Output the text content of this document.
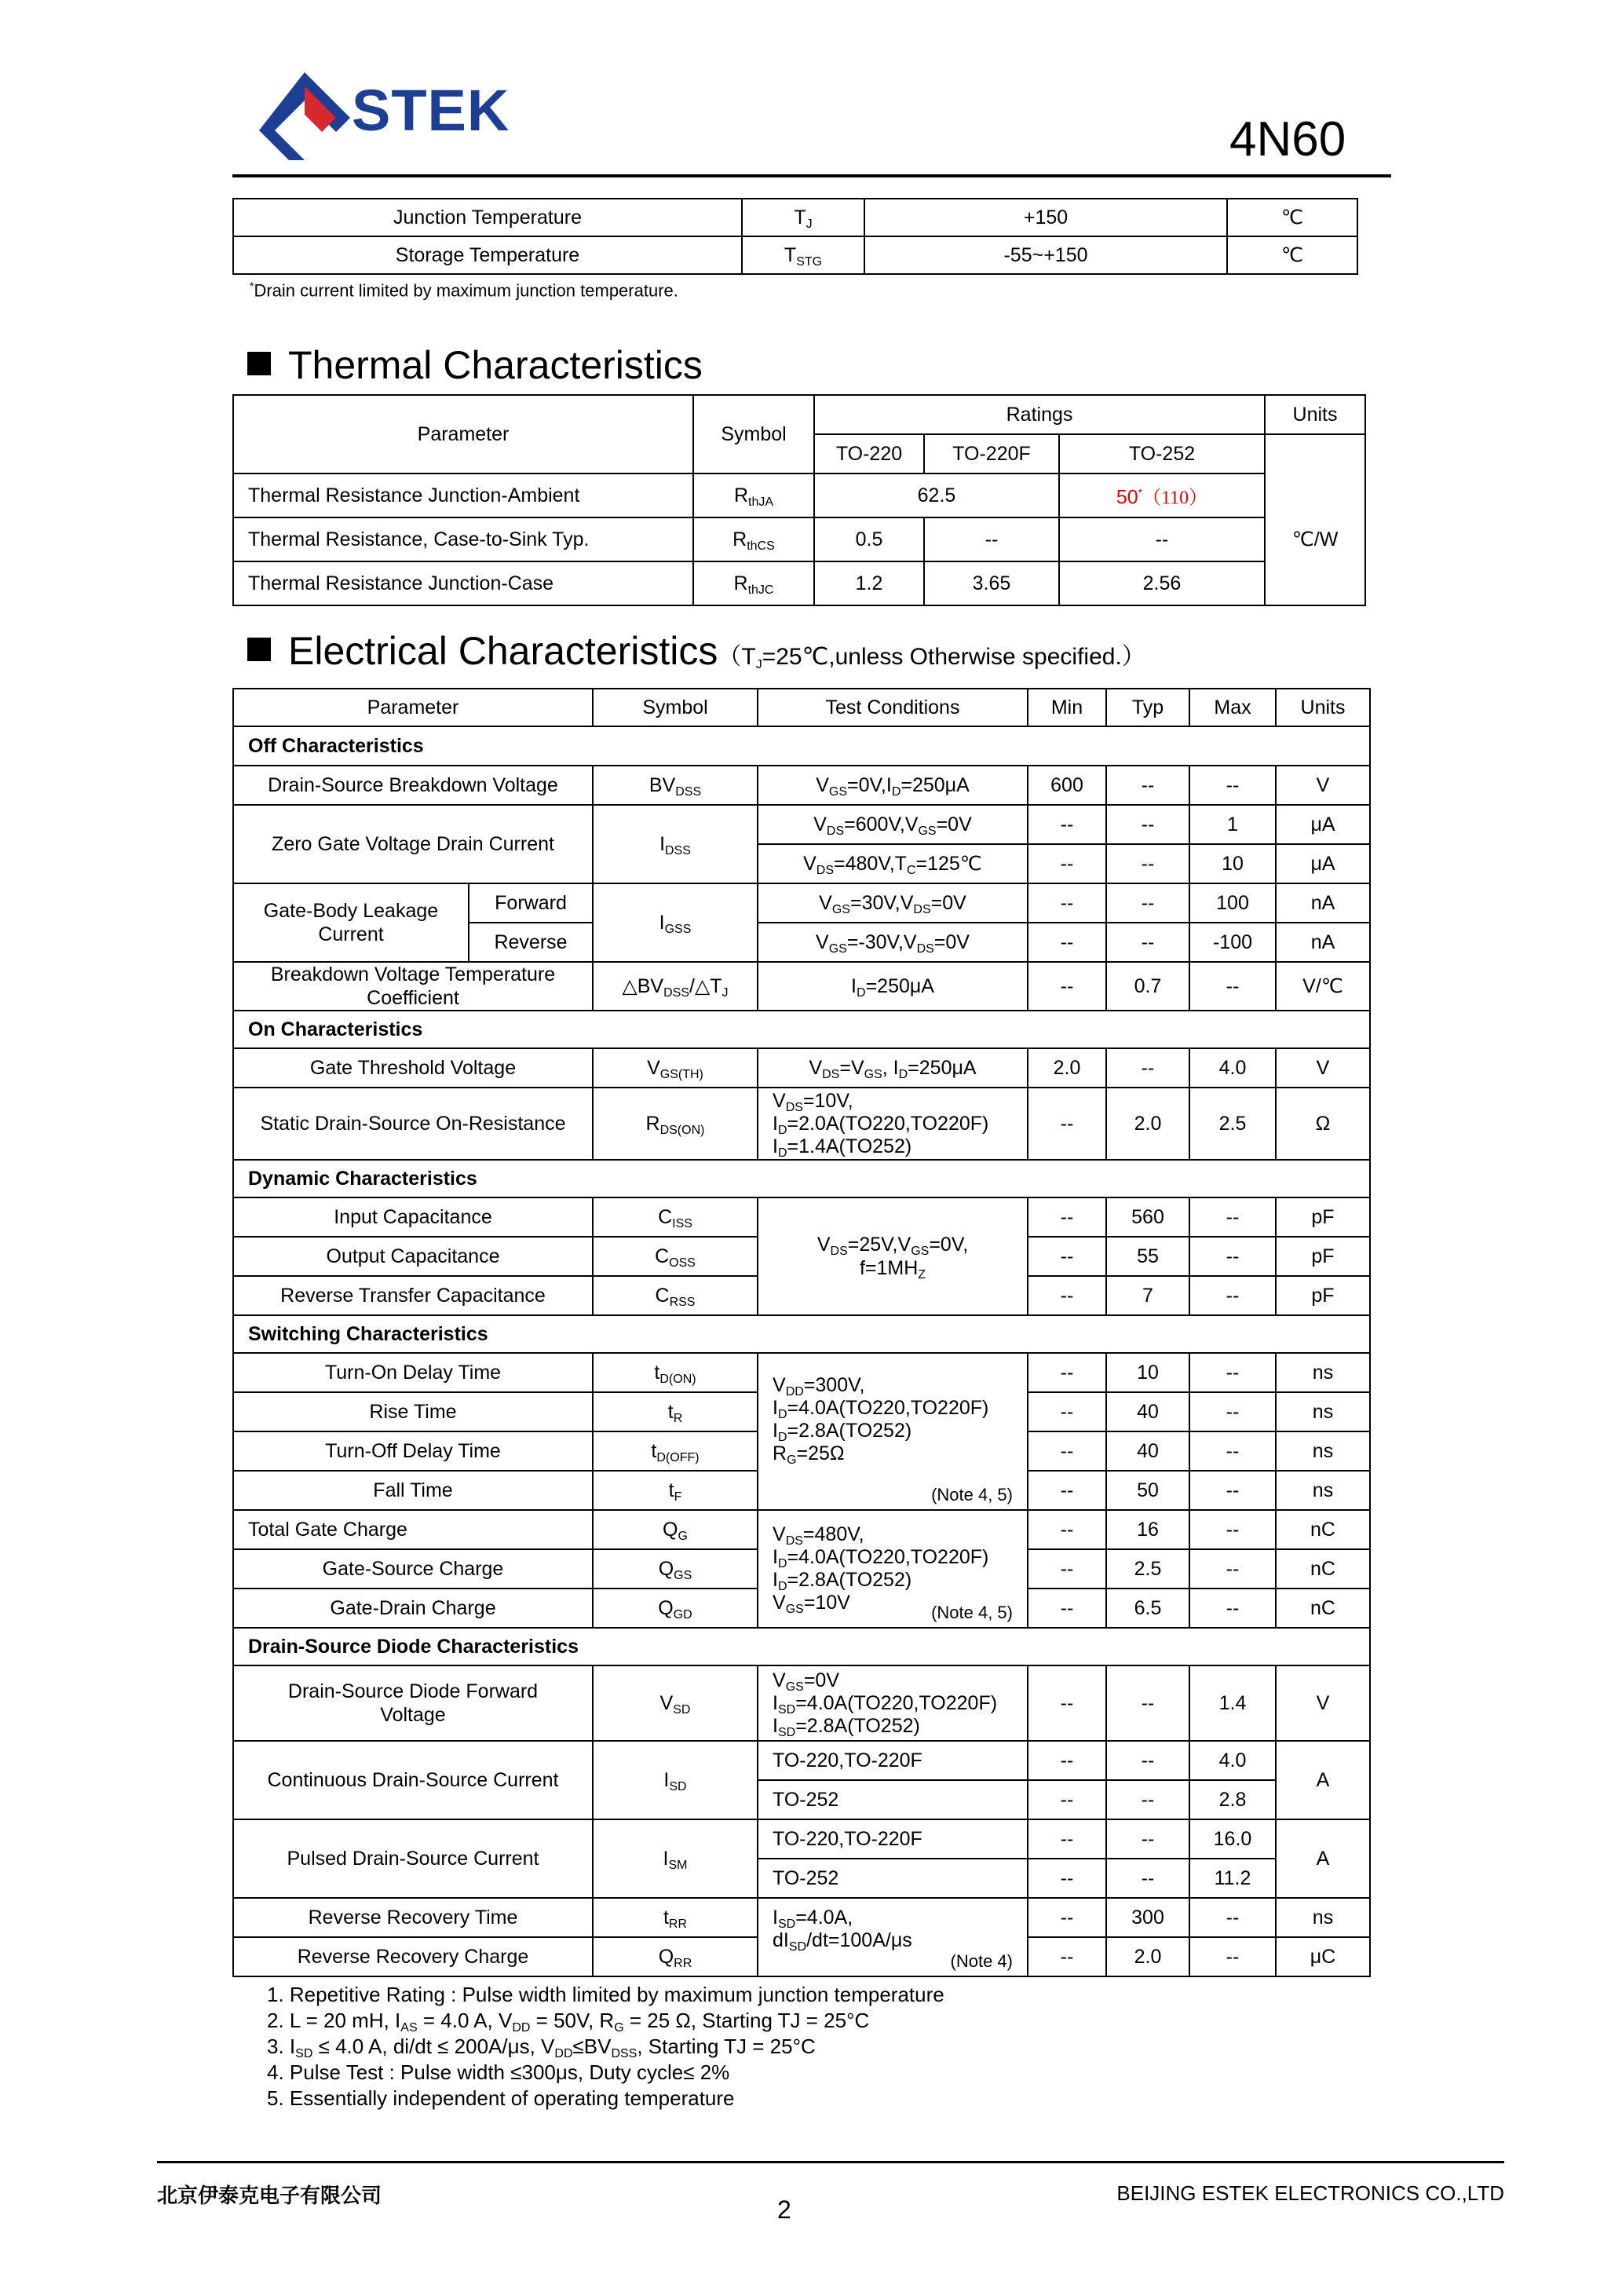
STEK	4N60
Junction Temperature	$T_J$	+150	℃
Storage Temperature	$T_{STG}$	-55~+150	℃
*Drain current limited by maximum junction temperature.
Thermal Characteristics
Parameter	Symbol	Ratings			Units
		TO-220	TO-220F	TO-252	
Thermal Resistance Junction-Ambient	$R_{thJA}$	62.5		50*（110）	℃/W
Thermal Resistance, Case-to-Sink Typ.	$R_{thCS}$	0.5	--	--	
Thermal Resistance Junction-Case	$R_{thJC}$	1.2	3.65	2.56	
Electrical $Characteristics(T_J=25℃,unless$ Otherwise specified.）
Parameter		Symbol	Test Conditions	Min	Typ	Max	Units
Off Characteristics							
Drain-Source Breakdown Voltage		$BV_{DSS}$	$V_{GS}=0V,I_D=250\mu A$	600	--	--	V
Zero Gate Voltage Drain Current		$I_{DSS}$	$V_{DS}=600V,V_{GS}=0V$	--	--	1	μA
			$V_{DS}=480V,T_C=125℃$	--	--	10	μA
Gate-Body Leakage Current	Forward	$I_{GSS}$	$V_{GS}=30V,V_{DS}=0V$	--	--	100	nA
	Reverse		$V_{GS}=-30V,V_{DS}=0V$	--	--	-100	nA
Breakdown Voltage Temperature Coefficient		$\triangle BV_{DSS}/\triangle T_J$	$I_D=250\mu A$	--	0.7	--	V/℃
On Characteristics							
Gate Threshold Voltage		$V_{GS(TH)}$	$V_{DS}=V_{GS}$, $I_D=250\mu A$	2.0	--	4.0	V
Static Drain-Source On-Resistance		$R_{DS(ON)}$	$V_{DS}=10V$,
$I_D=2.0A(TO220,TO220F)$
$I_D=1.4A(TO252)$	--	2.0	2.5	Ω
Dynamic Characteristics							
Input Capacitance		$C_{ISS}$	$V_{DS}=25V,V_{GS}=0V$,
$f=1MH_Z$	--	560	--	pF
Output Capacitance		$C_{OSS}$		--	55	--	pF
Reverse Transfer Capacitance		$C_{RSS}$		--	7	--	pF
Switching Characteristics							
Turn-On Delay Time		$t_{D(ON)}$	$V_{DD}=300V$,
$I_D=4.0A(TO220,TO220F)$
$I_D=2.8A(TO252)$
$R_G=25\Omega$
(Note 4, 5)	--	10	--	ns
Rise Time		$t_R$		--	40	--	ns
Turn-Off Delay Time		$t_{D(OFF)}$		--	40	--	ns
Fall Time		$t_F$		--	50	--	ns
Total Gate Charge		$Q_G$	$V_{DS}=480V$,
$I_D=4.0A(TO220,TO220F)$
$I_D=2.8A(TO252)$
$V_{GS}=10V$ (Note 4, 5)	--	16	--	nC
Gate-Source Charge		$Q_{GS}$		--	2.5	--	nC
Gate-Drain Charge		$Q_{GD}$		--	6.5	--	nC
Drain-Source Diode Characteristics							
Drain-Source Diode Forward Voltage		$V_{SD}$	$V_{GS}=0V$
$I_{SD}=4.0A(TO220,TO220F)$
$I_{SD}=2.8A(TO252)$	--	--	1.4	V
Continuous Drain-Source Current		$I_{SD}$	TO-220,TO-220F	--	--	4.0	A
			TO-252	--	--	2.8	
Pulsed Drain-Source Current		$I_{SM}$	TO-220,TO-220F	--	--	16.0	A
			TO-252	--	--	11.2	
Reverse Recovery Time		$t_{RR}$	$I_{SD}=4.0A$,
$dI_{SD}/dt=100A/\mu s$
(Note 4)	--	300	--	ns
Reverse Recovery Charge		$Q_{RR}$		--	2.0	--	μC
1. Repetitive Rating : Pulse width limited by maximum junction temperature
2. L = 20 mH, $I_{AS} = 4.0$ A, $V_{DD} = 50V$, $R_G = 25$ Ω, Starting TJ = 25°C
3. $I_{SD} \le 4.0$ A, di/dt ≤ 200A/μs, $V_{DD}\le BV_{DSS}$, Starting TJ = 25°C
4. Pulse Test : Pulse width ≤300μs, Duty cycle≤ 2%
5. Essentially independent of operating temperature
北京伊泰克电子有限公司	2
BEIJING ESTEK ELECTRONICS CO.,LTD
